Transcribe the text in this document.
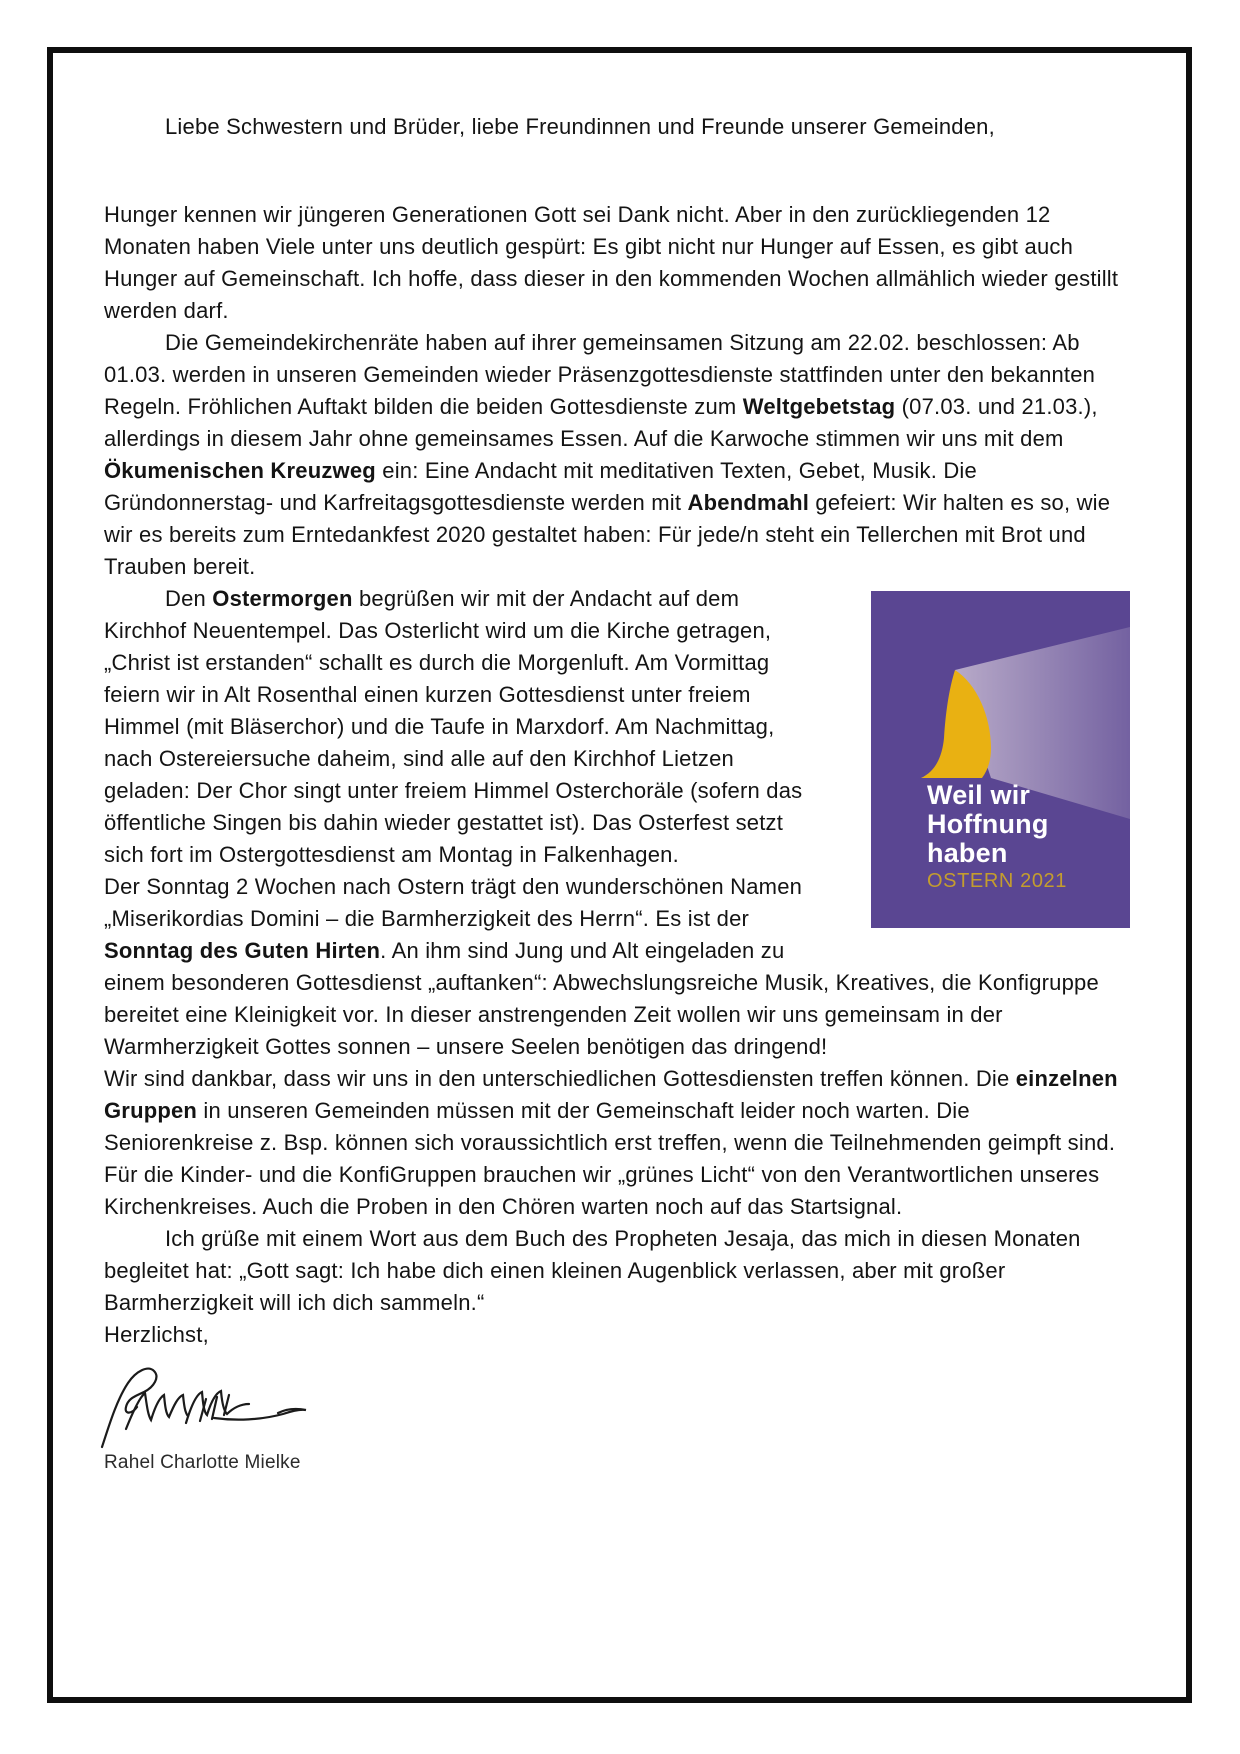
Liebe Schwestern und Brüder, liebe Freundinnen und Freunde unserer Gemeinden,

Hunger kennen wir jüngeren Generationen Gott sei Dank nicht. Aber in den zurückliegenden 12 Monaten haben Viele unter uns deutlich gespürt: Es gibt nicht nur Hunger auf Essen, es gibt auch Hunger auf Gemeinschaft. Ich hoffe, dass dieser in den kommenden Wochen allmählich wieder gestillt werden darf.

Die Gemeindekirchenräte haben auf ihrer gemeinsamen Sitzung am 22.02. beschlossen: Ab 01.03. werden in unseren Gemeinden wieder Präsenzgottesdienste stattfinden unter den bekannten Regeln. Fröhlichen Auftakt bilden die beiden Gottesdienste zum Weltgebetstag (07.03. und 21.03.), allerdings in diesem Jahr ohne gemeinsames Essen. Auf die Karwoche stimmen wir uns mit dem Ökumenischen Kreuzweg ein: Eine Andacht mit meditativen Texten, Gebet, Musik. Die Gründonnerstag- und Karfreitagsgottesdienste werden mit Abendmahl gefeiert: Wir halten es so, wie wir es bereits zum Erntedankfest 2020 gestaltet haben: Für jede/n steht ein Tellerchen mit Brot und Trauben bereit.

Weil wir
Hoffnung
haben
OSTERN 2021

Den Ostermorgen begrüßen wir mit der Andacht auf dem Kirchhof Neuentempel. Das Osterlicht wird um die Kirche getragen, „Christ ist erstanden“ schallt es durch die Morgenluft. Am Vormittag feiern wir in Alt Rosenthal einen kurzen Gottesdienst unter freiem Himmel (mit Bläserchor) und die Taufe in Marxdorf. Am Nachmittag, nach Ostereiersuche daheim, sind alle auf den Kirchhof Lietzen geladen: Der Chor singt unter freiem Himmel Osterchoräle (sofern das öffentliche Singen bis dahin wieder gestattet ist). Das Osterfest setzt sich fort im Ostergottesdienst am Montag in Falkenhagen.

Der Sonntag 2 Wochen nach Ostern trägt den wunderschönen Namen „Miserikordias Domini – die Barmherzigkeit des Herrn“. Es ist der Sonntag des Guten Hirten. An ihm sind Jung und Alt eingeladen zu einem besonderen Gottesdienst „auftanken“: Abwechslungsreiche Musik, Kreatives, die Konfigruppe bereitet eine Kleinigkeit vor. In dieser anstrengenden Zeit wollen wir uns gemeinsam in der Warmherzigkeit Gottes sonnen – unsere Seelen benötigen das dringend!

Wir sind dankbar, dass wir uns in den unterschiedlichen Gottesdiensten treffen können. Die einzelnen Gruppen in unseren Gemeinden müssen mit der Gemeinschaft leider noch warten. Die Seniorenkreise z. Bsp. können sich voraussichtlich erst treffen, wenn die Teilnehmenden geimpft sind. Für die Kinder- und die KonfiGruppen brauchen wir „grünes Licht“ von den Verantwortlichen unseres Kirchenkreises. Auch die Proben in den Chören warten noch auf das Startsignal.

Ich grüße mit einem Wort aus dem Buch des Propheten Jesaja, das mich in diesen Monaten begleitet hat: „Gott sagt: Ich habe dich einen kleinen Augenblick verlassen, aber mit großer Barmherzigkeit will ich dich sammeln.“

Herzlichst,

Rahel Charlotte Mielke
